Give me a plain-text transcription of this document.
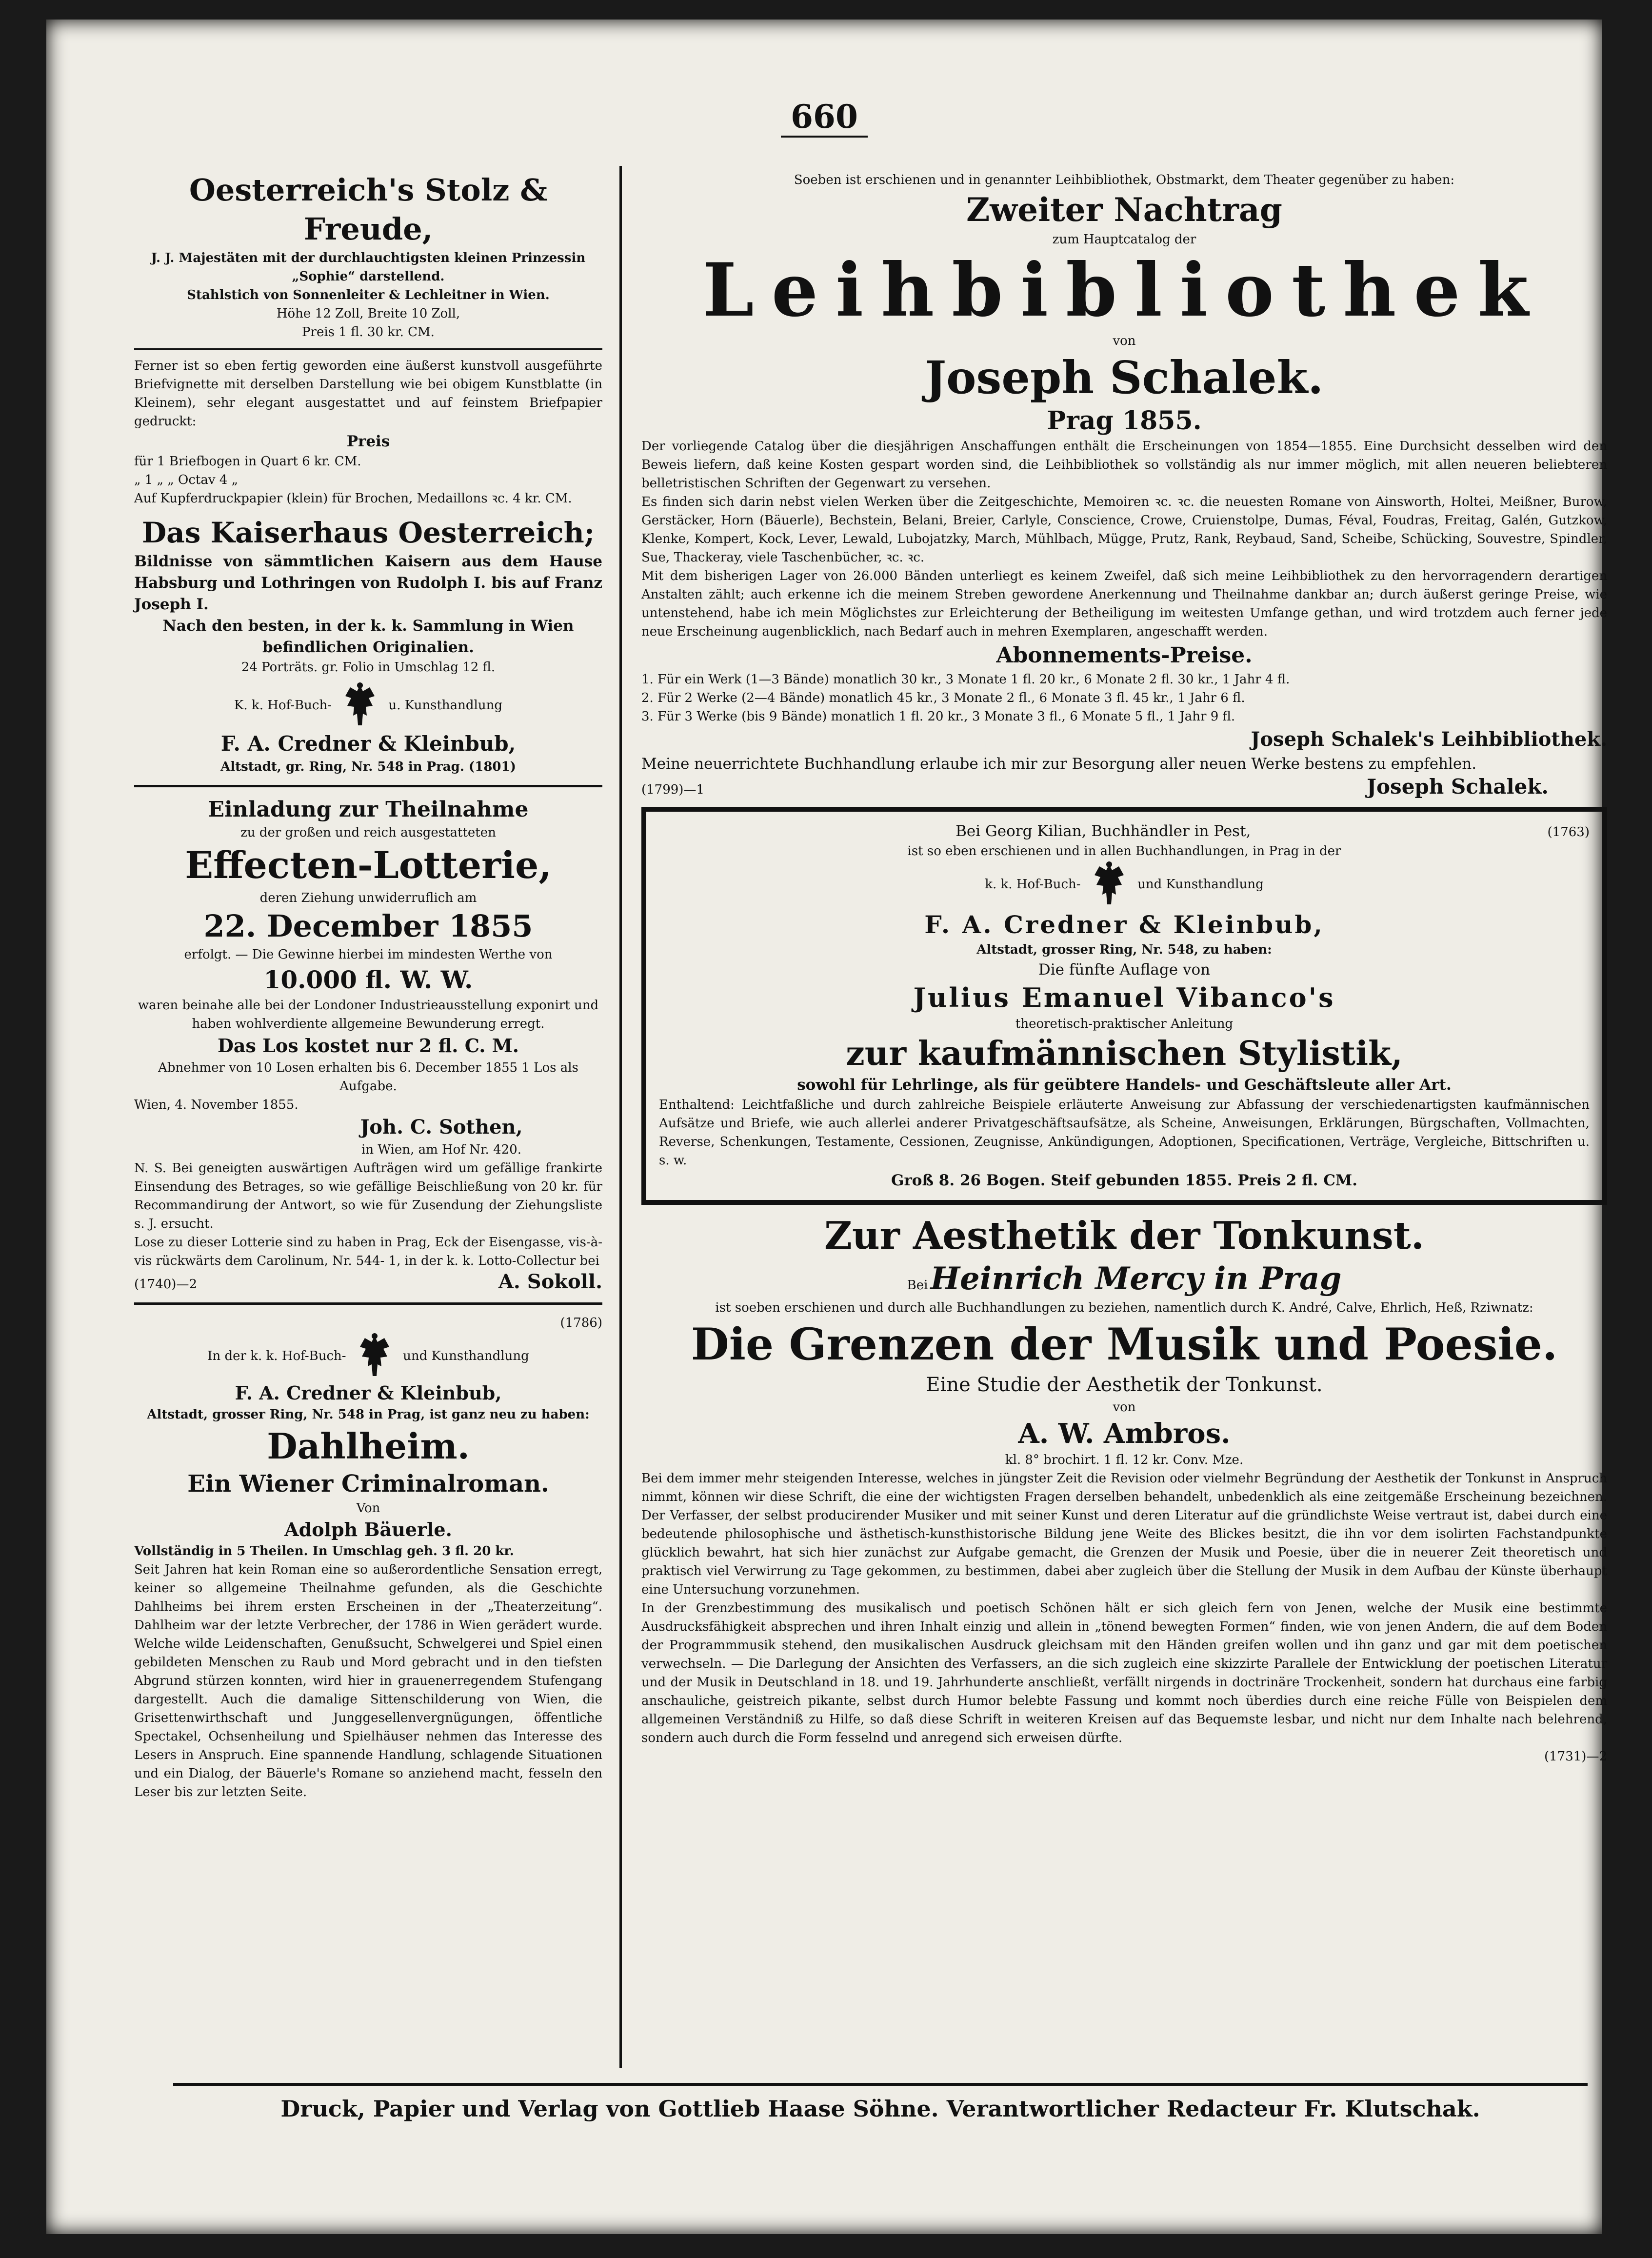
660

Oesterreich's Stolz & Freude,

J. J. Majestäten mit der durchlauchtigsten kleinen Prinzessin

„Sophie“ darstellend.

Stahlstich von Sonnenleiter & Lechleitner in Wien.

Höhe 12 Zoll, Breite 10 Zoll,

Preis 1 fl. 30 kr. CM.

Ferner ist so eben fertig geworden eine äußerst kunstvoll ausgeführte Briefvignette mit derselben Darstellung wie bei obigem Kunstblatte (in Kleinem), sehr elegant ausgestattet und auf feinstem Briefpapier gedruckt:

Preis

für 1 Briefbogen in Quart 6 kr. CM.

„ 1 „ „ Octav 4 „

Auf Kupferdruckpapier (klein) für Brochen, Medaillons ꝛc. 4 kr. CM.

Das Kaiserhaus Oesterreich;

Bildnisse von sämmtlichen Kaisern aus dem Hause Habsburg und Lothringen von Rudolph I. bis auf Franz Joseph I.

Nach den besten, in der k. k. Sammlung in Wien befindlichen Originalien.

24 Porträts. gr. Folio in Umschlag 12 fl.

K. k. Hof-Buch-	u. Kunsthandlung

F. A. Credner & Kleinbub,

Altstadt, gr. Ring, Nr. 548 in Prag. (1801)

Einladung zur Theilnahme

zu der großen und reich ausgestatteten

Effecten-Lotterie,

deren Ziehung unwiderruflich am

22. December 1855

erfolgt. — Die Gewinne hierbei im mindesten Werthe von

10.000 fl. W. W.

waren beinahe alle bei der Londoner Industrieausstellung exponirt und haben wohlverdiente allgemeine Bewunderung erregt.

Das Los kostet nur 2 fl. C. M.

Abnehmer von 10 Losen erhalten bis 6. December 1855 1 Los als Aufgabe.

Wien, 4. November 1855.

Joh. C. Sothen,

in Wien, am Hof Nr. 420.

N. S. Bei geneigten auswärtigen Aufträgen wird um gefällige frankirte Einsendung des Betrages, so wie gefällige Beischließung von 20 kr. für Recommandirung der Antwort, so wie für Zusendung der Ziehungsliste s. J. ersucht.

Lose zu dieser Lotterie sind zu haben in Prag, Eck der Eisengasse, vis-à-vis rückwärts dem Carolinum, Nr. 544- 1, in der k. k. Lotto-Collectur bei

(1740)—2	A. Sokoll.

(1786)

In der k. k. Hof-Buch-	und Kunsthandlung

F. A. Credner & Kleinbub,

Altstadt, grosser Ring, Nr. 548 in Prag, ist ganz neu zu haben:

Dahlheim.

Ein Wiener Criminalroman.

Von

Adolph Bäuerle.

Vollständig in 5 Theilen. In Umschlag geh. 3 fl. 20 kr.

Seit Jahren hat kein Roman eine so außerordentliche Sensation erregt, keiner so allgemeine Theilnahme gefunden, als die Geschichte Dahlheims bei ihrem ersten Erscheinen in der „Theaterzeitung“. Dahlheim war der letzte Verbrecher, der 1786 in Wien gerädert wurde. Welche wilde Leidenschaften, Genußsucht, Schwelgerei und Spiel einen gebildeten Menschen zu Raub und Mord gebracht und in den tiefsten Abgrund stürzen konnten, wird hier in grauenerregendem Stufengang dargestellt. Auch die damalige Sittenschilderung von Wien, die Grisettenwirthschaft und Junggesellenvergnügungen, öffentliche Spectakel, Ochsenheilung und Spielhäuser nehmen das Interesse des Lesers in Anspruch. Eine spannende Handlung, schlagende Situationen und ein Dialog, der Bäuerle's Romane so anziehend macht, fesseln den Leser bis zur letzten Seite.

Soeben ist erschienen und in genannter Leihbibliothek, Obstmarkt, dem Theater gegenüber zu haben:

Zweiter Nachtrag

zum Hauptcatalog der

Leihbibliothek

von

Joseph Schalek.

Prag 1855.

Der vorliegende Catalog über die diesjährigen Anschaffungen enthält die Erscheinungen von 1854—1855. Eine Durchsicht desselben wird den Beweis liefern, daß keine Kosten gespart worden sind, die Leihbibliothek so vollständig als nur immer möglich, mit allen neueren beliebteren belletristischen Schriften der Gegenwart zu versehen.

Es finden sich darin nebst vielen Werken über die Zeitgeschichte, Memoiren ꝛc. ꝛc. die neuesten Romane von Ainsworth, Holtei, Meißner, Burow, Gerstäcker, Horn (Bäuerle), Bechstein, Belani, Breier, Carlyle, Conscience, Crowe, Cruienstolpe, Dumas, Féval, Foudras, Freitag, Galén, Gutzkow, Klenke, Kompert, Kock, Lever, Lewald, Lubojatzky, March, Mühlbach, Mügge, Prutz, Rank, Reybaud, Sand, Scheibe, Schücking, Souvestre, Spindler, Sue, Thackeray, viele Taschenbücher, ꝛc. ꝛc.

Mit dem bisherigen Lager von 26.000 Bänden unterliegt es keinem Zweifel, daß sich meine Leihbibliothek zu den hervorragendern derartigen Anstalten zählt; auch erkenne ich die meinem Streben gewordene Anerkennung und Theilnahme dankbar an; durch äußerst geringe Preise, wie untenstehend, habe ich mein Möglichstes zur Erleichterung der Betheiligung im weitesten Umfange gethan, und wird trotzdem auch ferner jede neue Erscheinung augenblicklich, nach Bedarf auch in mehren Exemplaren, angeschafft werden.

Abonnements-Preise.

1. Für ein Werk (1—3 Bände) monatlich 30 kr., 3 Monate 1 fl. 20 kr., 6 Monate 2 fl. 30 kr., 1 Jahr 4 fl.

2. Für 2 Werke (2—4 Bände) monatlich 45 kr., 3 Monate 2 fl., 6 Monate 3 fl. 45 kr., 1 Jahr 6 fl.

3. Für 3 Werke (bis 9 Bände) monatlich 1 fl. 20 kr., 3 Monate 3 fl., 6 Monate 5 fl., 1 Jahr 9 fl.

Joseph Schalek's Leihbibliothek.

Meine neuerrichtete Buchhandlung erlaube ich mir zur Besorgung aller neuen Werke bestens zu empfehlen.

(1799)—1	Joseph Schalek.
Bei Georg Kilian, Buchhändler in Pest,	(1763)

ist so eben erschienen und in allen Buchhandlungen, in Prag in der

k. k. Hof-Buch-	und Kunsthandlung

F. A. Credner & Kleinbub,

Altstadt, grosser Ring, Nr. 548, zu haben:

Die fünfte Auflage von

Julius Emanuel Vibanco's

theoretisch-praktischer Anleitung

zur kaufmännischen Stylistik,

sowohl für Lehrlinge, als für geübtere Handels- und Geschäftsleute aller Art.

Enthaltend: Leichtfaßliche und durch zahlreiche Beispiele erläuterte Anweisung zur Abfassung der verschiedenartigsten kaufmännischen Aufsätze und Briefe, wie auch allerlei anderer Privatgeschäftsaufsätze, als Scheine, Anweisungen, Erklärungen, Bürgschaften, Vollmachten, Reverse, Schenkungen, Testamente, Cessionen, Zeugnisse, Ankündigungen, Adoptionen, Specificationen, Verträge, Vergleiche, Bittschriften u. s. w.

Groß 8. 26 Bogen. Steif gebunden 1855. Preis 2 fl. CM.

Zur Aesthetik der Tonkunst.

Bei Heinrich Mercy in Prag

ist soeben erschienen und durch alle Buchhandlungen zu beziehen, namentlich durch K. André, Calve, Ehrlich, Heß, Rziwnatz:

Die Grenzen der Musik und Poesie.

Eine Studie der Aesthetik der Tonkunst.

von

A. W. Ambros.

kl. 8° brochirt. 1 fl. 12 kr. Conv. Mze.

Bei dem immer mehr steigenden Interesse, welches in jüngster Zeit die Revision oder vielmehr Begründung der Aesthetik der Tonkunst in Anspruch nimmt, können wir diese Schrift, die eine der wichtigsten Fragen derselben behandelt, unbedenklich als eine zeitgemäße Erscheinung bezeichnen. Der Verfasser, der selbst producirender Musiker und mit seiner Kunst und deren Literatur auf die gründlichste Weise vertraut ist, dabei durch eine bedeutende philosophische und ästhetisch-kunsthistorische Bildung jene Weite des Blickes besitzt, die ihn vor dem isolirten Fachstandpunkte glücklich bewahrt, hat sich hier zunächst zur Aufgabe gemacht, die Grenzen der Musik und Poesie, über die in neuerer Zeit theoretisch und praktisch viel Verwirrung zu Tage gekommen, zu bestimmen, dabei aber zugleich über die Stellung der Musik in dem Aufbau der Künste überhaupt eine Untersuchung vorzunehmen.

In der Grenzbestimmung des musikalisch und poetisch Schönen hält er sich gleich fern von Jenen, welche der Musik eine bestimmte Ausdrucksfähigkeit absprechen und ihren Inhalt einzig und allein in „tönend bewegten Formen“ finden, wie von jenen Andern, die auf dem Boden der Programmmusik stehend, den musikalischen Ausdruck gleichsam mit den Händen greifen wollen und ihn ganz und gar mit dem poetischen verwechseln. — Die Darlegung der Ansichten des Verfassers, an die sich zugleich eine skizzirte Parallele der Entwicklung der poetischen Literatur und der Musik in Deutschland in 18. und 19. Jahrhunderte anschließt, verfällt nirgends in doctrinäre Trockenheit, sondern hat durchaus eine farbig anschauliche, geistreich pikante, selbst durch Humor belebte Fassung und kommt noch überdies durch eine reiche Fülle von Beispielen dem allgemeinen Verständniß zu Hilfe, so daß diese Schrift in weiteren Kreisen auf das Bequemste lesbar, und nicht nur dem Inhalte nach belehrend, sondern auch durch die Form fesselnd und anregend sich erweisen dürfte.

(1731)—2

Druck, Papier und Verlag von Gottlieb Haase Söhne. Verantwortlicher Redacteur Fr. Klutschak.
